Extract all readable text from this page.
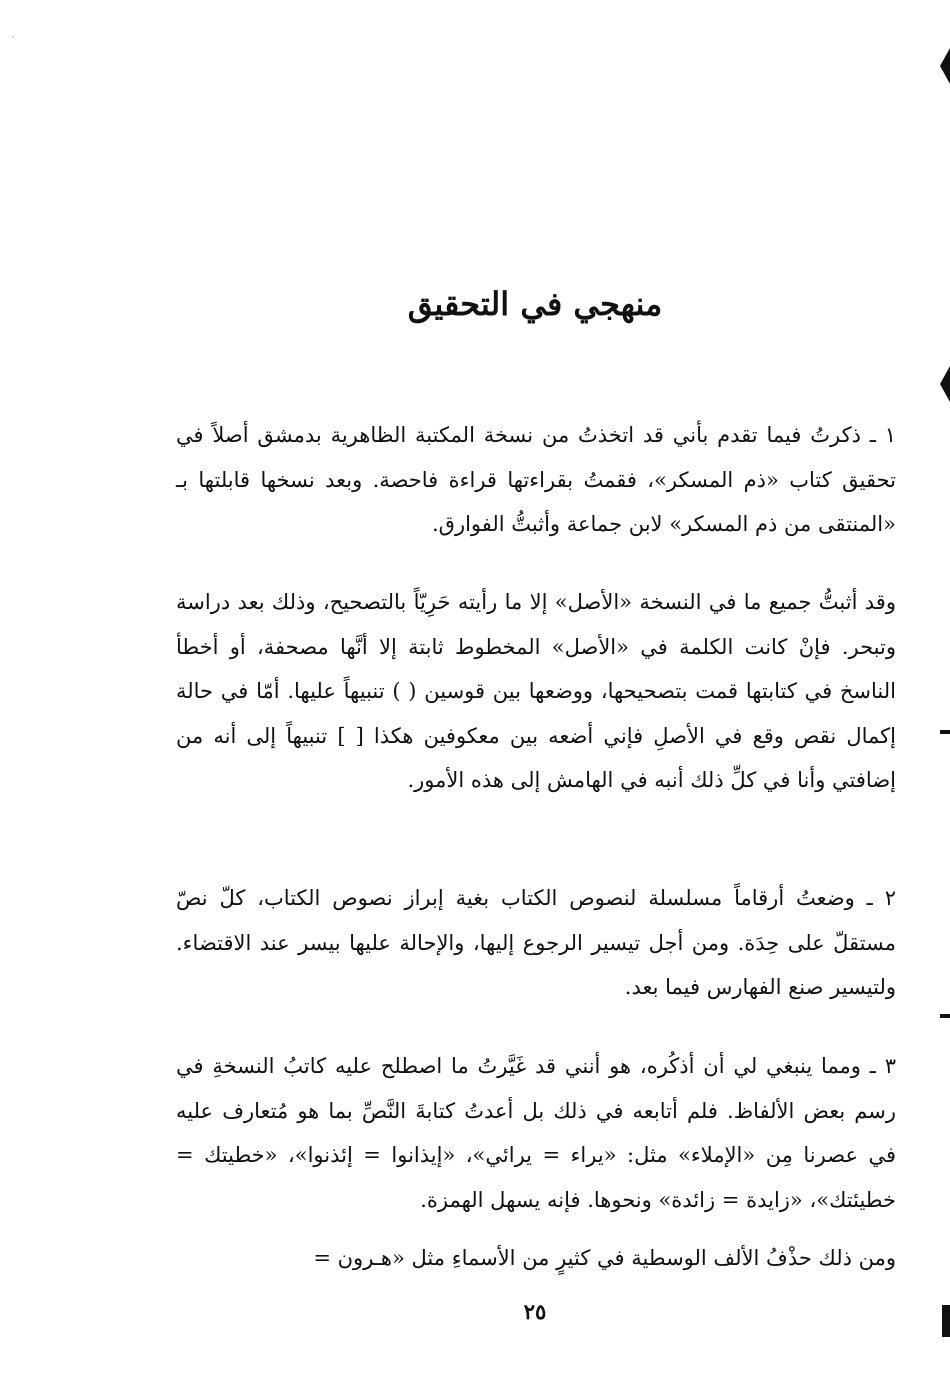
منهجي في التحقيق

١ ـ ذكرتُ فيما تقدم بأني قد اتخذتُ من نسخة المكتبة الظاهرية بدمشق أصلاً في تحقيق كتاب «ذم المسكر»، فقمتُ بقراءتها قراءة فاحصة. وبعد نسخها قابلتها بـ «المنتقى من ذم المسكر» لابن جماعة وأثبتُّ الفوارق.

وقد أثبتُّ جميع ما في النسخة «الأصل» إلا ما رأيته حَرِيّاً بالتصحيح، وذلك بعد دراسة وتبحر. فإنْ كانت الكلمة في «الأصل» المخطوط ثابتة إلا أنَّها مصحفة، أو أخطأ الناسخ في كتابتها قمت بتصحيحها، ووضعها بين قوسين ( ) تنبيهاً عليها. أمّا في حالة إكمال نقص وقع في الأصلِ فإني أضعه بين معكوفين هكذا [ ] تنبيهاً إلى أنه من إضافتي وأنا في كلِّ ذلك أنبه في الهامش إلى هذه الأمور.

٢ ـ وضعتُ أرقاماً مسلسلة لنصوص الكتاب بغية إبراز نصوص الكتاب، كلّ نصّ مستقلّ على حِدَة. ومن أجل تيسير الرجوع إليها، والإحالة عليها بيسر عند الاقتضاء. ولتيسير صنع الفهارس فيما بعد.

٣ ـ ومما ينبغي لي أن أذكُره، هو أنني قد غَيَّرتُ ما اصطلح عليه كاتبُ النسخةِ في رسم بعض الألفاظ. فلم أتابعه في ذلك بل أعدتُ كتابةَ النَّصِّ بما هو مُتعارف عليه في عصرنا مِن «الإملاء» مثل: «يراء = يرائي»، «إيذانوا = إئذنوا»، «خطيتك = خطيئتك»، «زايدة = زائدة» ونحوها. فإنه يسهل الهمزة.

ومن ذلك حذْفُ الألف الوسطية في كثيرٍ من الأسماءِ مثل «هـرون =

٢٥
